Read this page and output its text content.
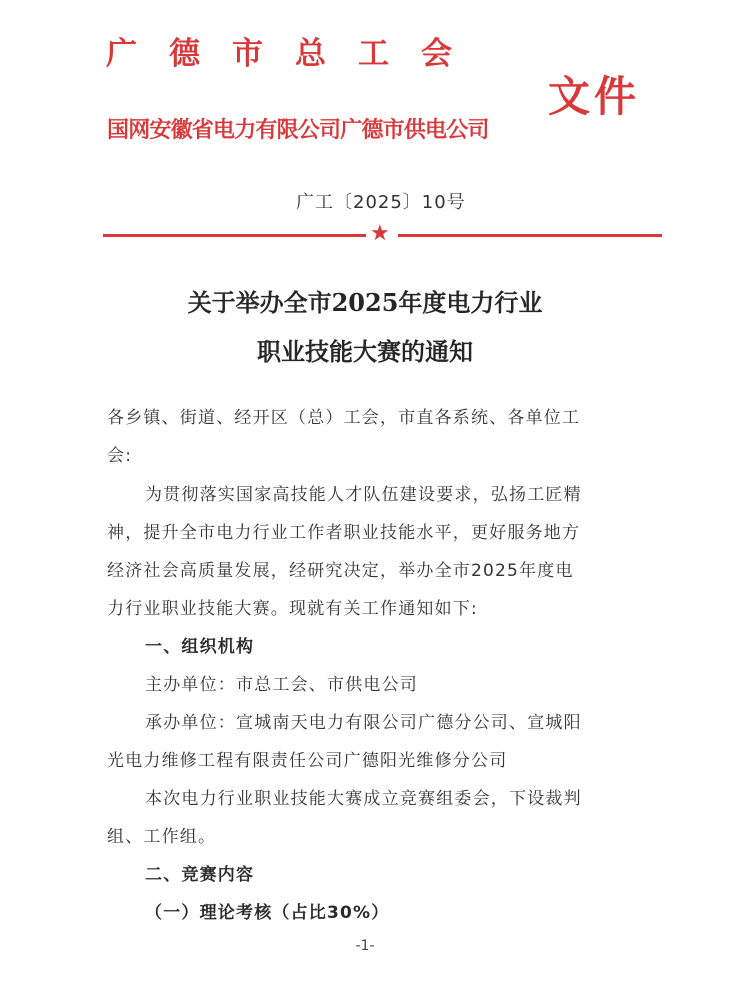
广德市总工会
国网安徽省电力有限公司广德市供电公司
文件
广工〔2025〕10号
★
关于举办全市2025年度电力行业
职业技能大赛的通知
各乡镇、街道、经开区（总）工会，市直各系统、各单位工
会:
为贯彻落实国家高技能人才队伍建设要求，弘扬工匠精
神，提升全市电力行业工作者职业技能水平，更好服务地方
经济社会高质量发展，经研究决定，举办全市2025年度电
力行业职业技能大赛。现就有关工作通知如下:
一、组织机构
主办单位：市总工会、市供电公司
承办单位：宣城南天电力有限公司广德分公司、宣城阳
光电力维修工程有限责任公司广德阳光维修分公司
本次电力行业职业技能大赛成立竞赛组委会，下设裁判
组、工作组。
二、竞赛内容
（一）理论考核（占比30%）
-1-
